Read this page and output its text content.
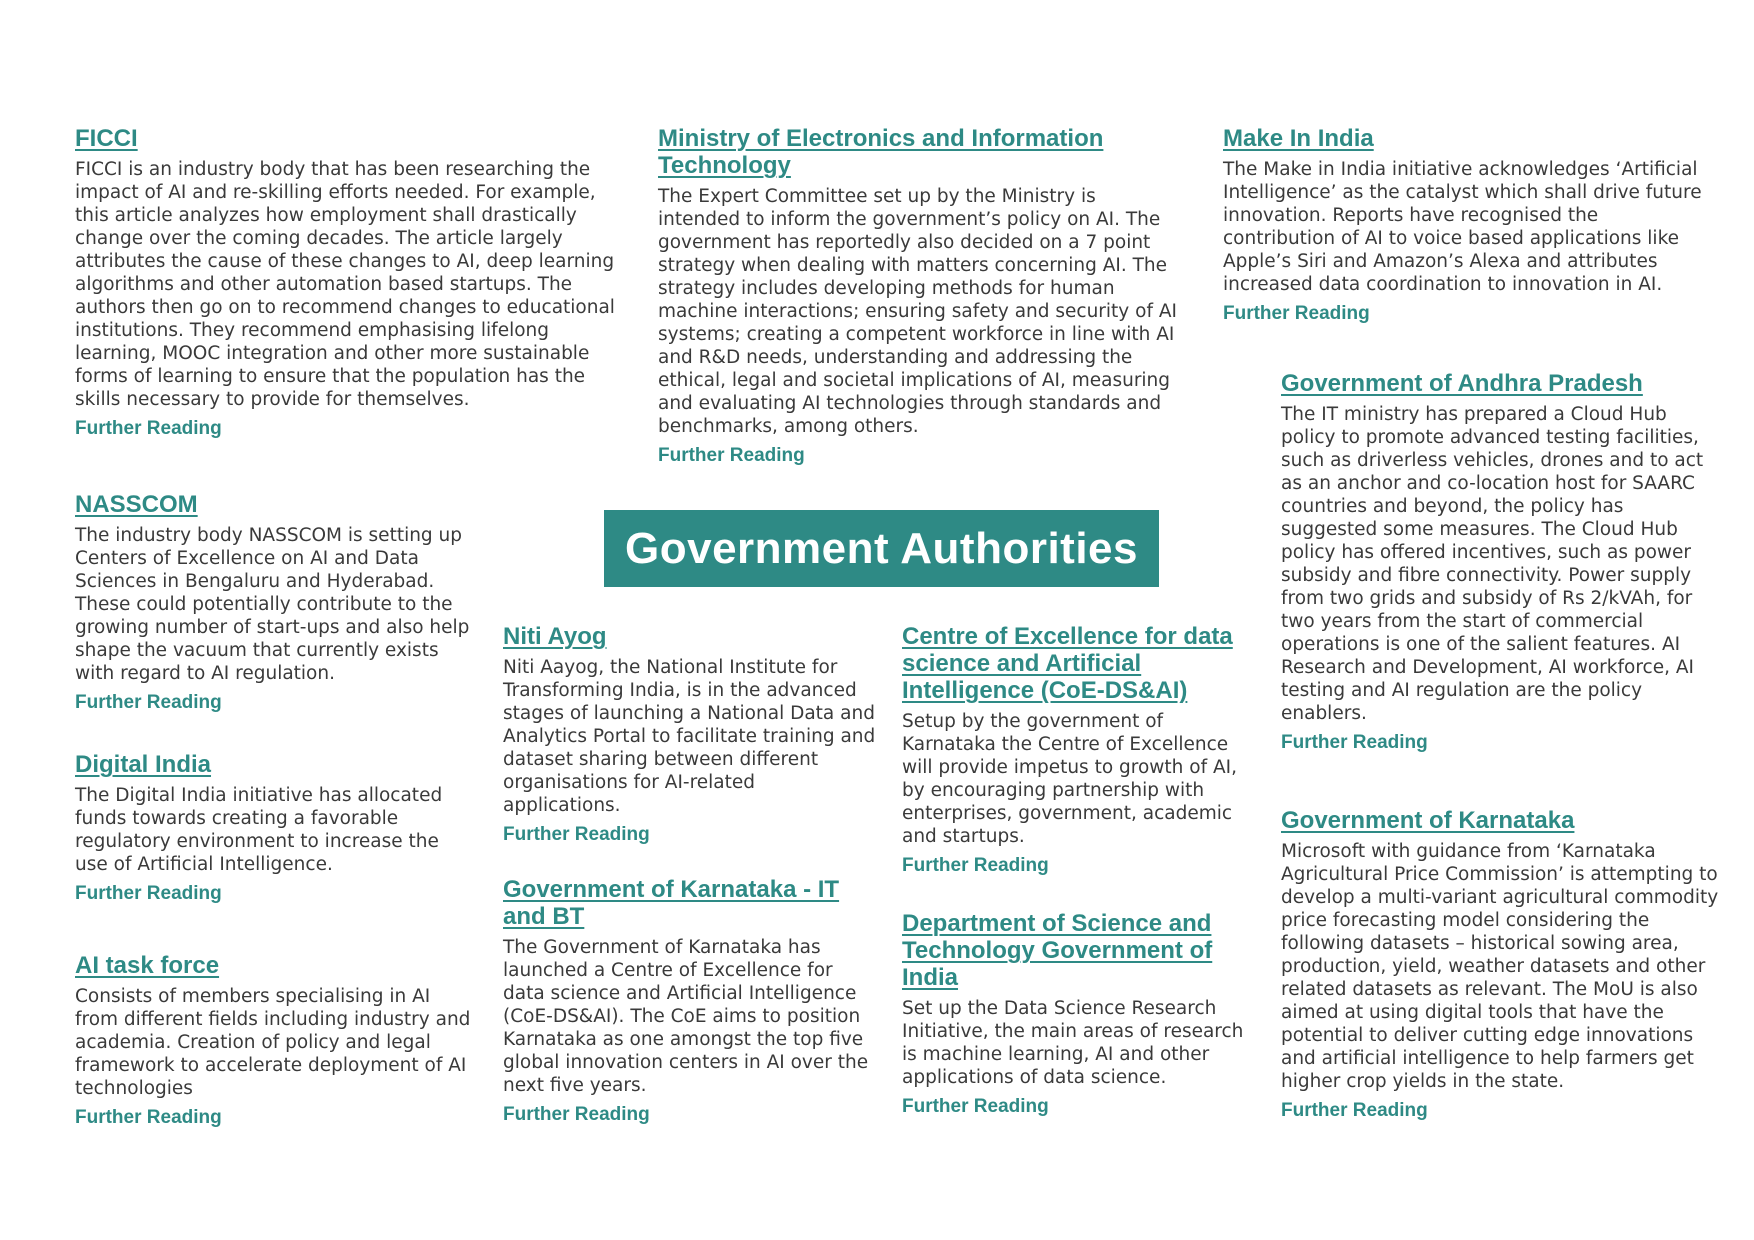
FICCI

FICCI is an industry body that has been researching the impact of AI and re-skilling efforts needed. For example, this article analyzes how employment shall drastically change over the coming decades. The article largely attributes the cause of these changes to AI, deep learning algorithms and other automation based startups. The authors then go on to recommend changes to educational institutions. They recommend emphasising lifelong learning, MOOC integration and other more sustainable forms of learning to ensure that the population has the skills necessary to provide for themselves.

Further Reading
NASSCOM

The industry body NASSCOM is setting up Centers of Excellence on AI and Data Sciences in Bengaluru and Hyderabad. These could potentially contribute to the growing number of start-ups and also help shape the vacuum that currently exists with regard to AI regulation.

Further Reading
Digital India

The Digital India initiative has allocated funds towards creating a favorable regulatory environment to increase the use of Artificial Intelligence.

Further Reading
AI task force

Consists of members specialising in AI from different fields including industry and academia. Creation of policy and legal framework to accelerate deployment of AI technologies

Further Reading
Ministry of Electronics and Information Technology

The Expert Committee set up by the Ministry is intended to inform the government’s policy on AI. The government has reportedly also decided on a 7 point strategy when dealing with matters concerning AI. The strategy includes developing methods for human machine interactions; ensuring safety and security of AI systems; creating a competent workforce in line with AI and R&D needs, understanding and addressing the ethical, legal and societal implications of AI, measuring and evaluating AI technologies through standards and benchmarks, among others.

Further Reading
Government Authorities
Niti Ayog

Niti Aayog, the National Institute for Transforming India, is in the advanced stages of launching a National Data and Analytics Portal to facilitate training and dataset sharing between different organisations for AI-related applications.

Further Reading
Government of Karnataka - IT and BT

The Government of Karnataka has launched a Centre of Excellence for data science and Artificial Intelligence (CoE-DS&AI). The CoE aims to position Karnataka as one amongst the top five global innovation centers in AI over the next five years.

Further Reading
Centre of Excellence for data science and Artificial Intelligence (CoE-DS&AI)

Setup by the government of Karnataka the Centre of Excellence will provide impetus to growth of AI, by encouraging partnership with enterprises, government, academic and startups.

Further Reading
Department of Science and Technology Government of India

Set up the Data Science Research Initiative, the main areas of research is machine learning, AI and other applications of data science.

Further Reading
Make In India

The Make in India initiative acknowledges ‘Artificial Intelligence’ as the catalyst which shall drive future innovation. Reports have recognised the contribution of AI to voice based applications like Apple’s Siri and Amazon’s Alexa and attributes increased data coordination to innovation in AI.

Further Reading
Government of Andhra Pradesh

The IT ministry has prepared a Cloud Hub policy to promote advanced testing facilities, such as driverless vehicles, drones and to act as an anchor and co-location host for SAARC countries and beyond, the policy has suggested some measures. The Cloud Hub policy has offered incentives, such as power subsidy and fibre connectivity. Power supply from two grids and subsidy of Rs 2/kVAh, for two years from the start of commercial operations is one of the salient features. AI Research and Development, AI workforce, AI testing and AI regulation are the policy enablers.

Further Reading
Government of Karnataka

Microsoft with guidance from ‘Karnataka Agricultural Price Commission’ is attempting to develop a multi-variant agricultural commodity price forecasting model considering the following datasets – historical sowing area, production, yield, weather datasets and other related datasets as relevant. The MoU is also aimed at using digital tools that have the potential to deliver cutting edge innovations and artificial intelligence to help farmers get higher crop yields in the state.

Further Reading
